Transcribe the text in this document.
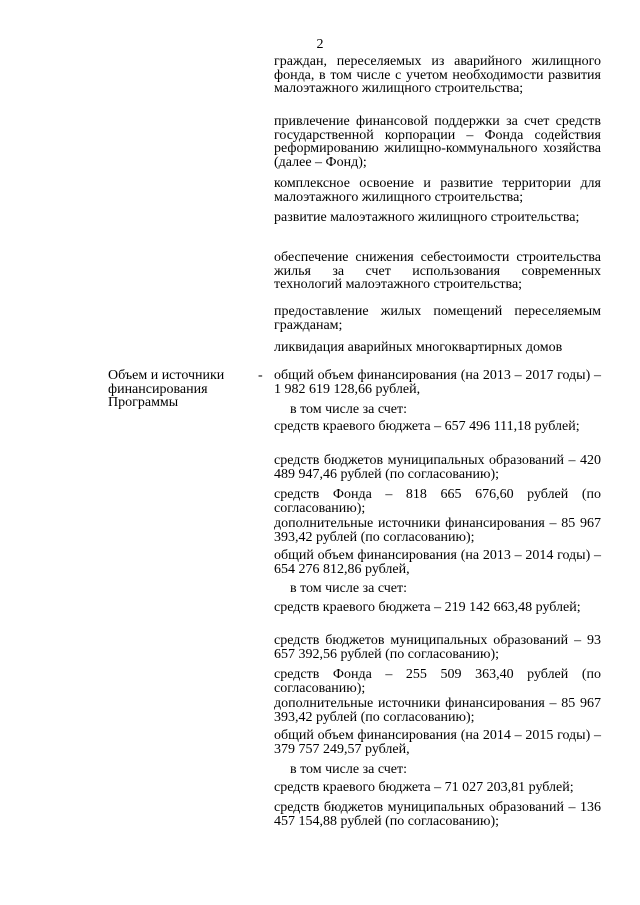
2

граждан, переселяемых из аварийного жилищного фонда, в том числе с учетом необходимости развития малоэтажного жилищного строительства;

привлечение финансовой поддержки за счет средств государственной корпорации – Фонда содействия реформированию жилищно-коммунального хозяйства (далее – Фонд);

комплексное освоение и развитие территории для малоэтажного жилищного строительства;

развитие малоэтажного жилищного строительства;

обеспечение снижения себестоимости строительства жилья за счет использования современных технологий малоэтажного строительства;

предоставление жилых помещений переселяемым гражданам;

ликвидация аварийных многоквартирных домов

Объем и источники финансирования Программы
- общий объем финансирования (на 2013 – 2017 годы) – 1 982 619 128,66 рублей,

в том числе за счет:

средств краевого бюджета – 657 496 111,18 рублей;

средств бюджетов муниципальных образований – 420 489 947,46 рублей (по согласованию);

средств Фонда – 818 665 676,60 рублей (по согласованию);

дополнительные источники финансирования – 85 967 393,42 рублей (по согласованию);

общий объем финансирования (на 2013 – 2014 годы) – 654 276 812,86 рублей,

в том числе за счет:

средств краевого бюджета – 219 142 663,48 рублей;

средств бюджетов муниципальных образований – 93 657 392,56 рублей (по согласованию);

средств Фонда – 255 509 363,40 рублей (по согласованию);

дополнительные источники финансирования – 85 967 393,42 рублей (по согласованию);

общий объем финансирования (на 2014 – 2015 годы) – 379 757 249,57 рублей,

в том числе за счет:

средств краевого бюджета – 71 027 203,81 рублей;

средств бюджетов муниципальных образований – 136 457 154,88 рублей (по согласованию);
